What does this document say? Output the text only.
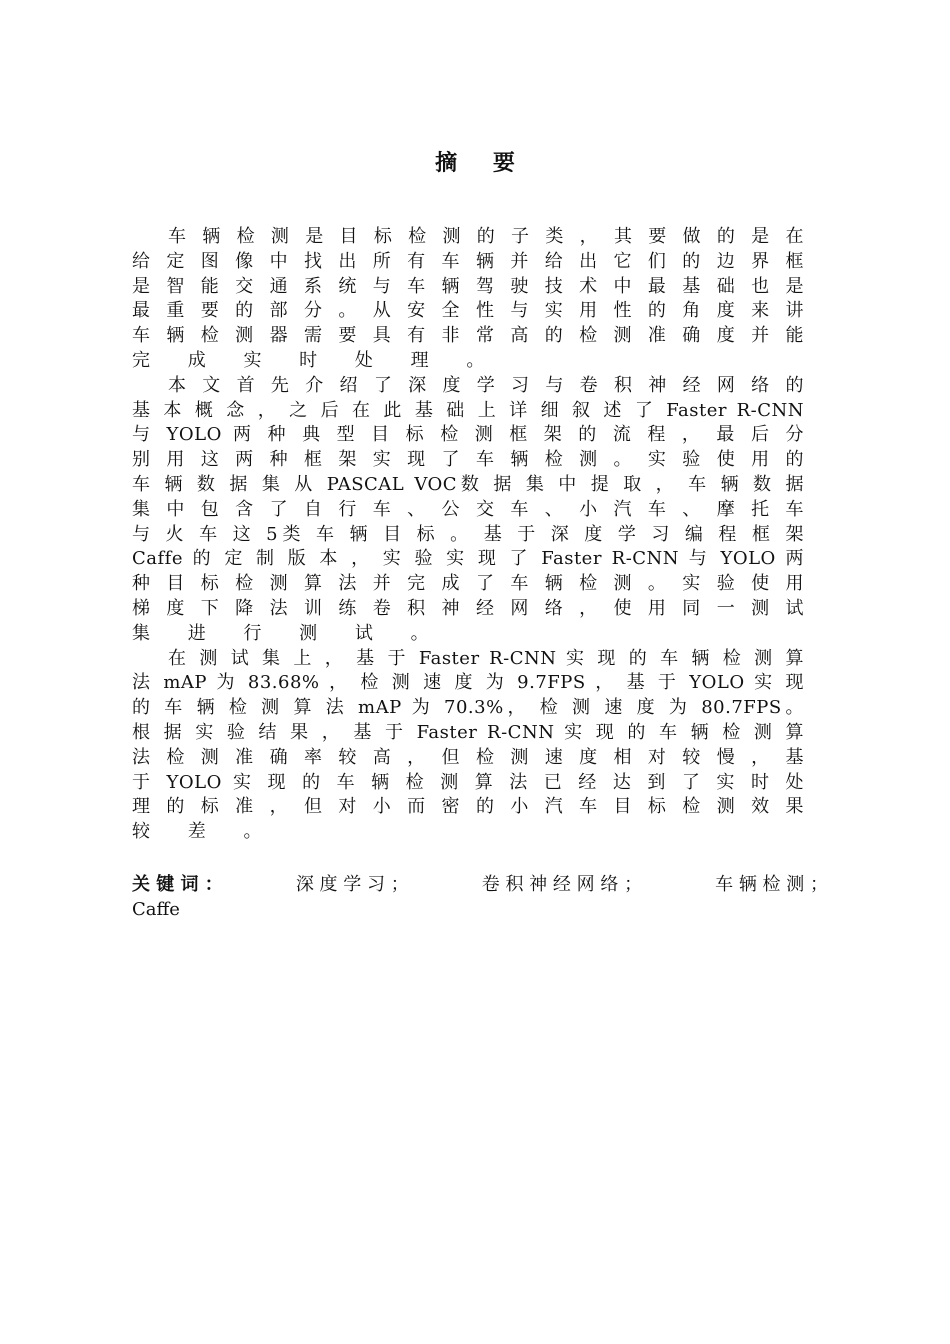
摘 要
车 辆 检 测 是 目 标 检 测 的 子 类 ， 其 要 做 的 是 在
给 定 图 像 中 找 出 所 有 车 辆 并 给 出 它 们 的 边 界 框
是 智 能 交 通 系 统 与 车 辆 驾 驶 技 术 中 最 基 础 也 是
最 重 要 的 部 分 。 从 安 全 性 与 实 用 性 的 角 度 来 讲
车 辆 检 测 器 需 要 具 有 非 常 高 的 检 测 准 确 度 并 能
完 成 实 时 处 理 。
本 文 首 先 介 绍 了 深 度 学 习 与 卷 积 神 经 网 络 的
基 本 概 念 ， 之 后 在 此 基 础 上 详 细 叙 述 了 Faster R-CNN
与 YOLO 两 种 典 型 目 标 检 测 框 架 的 流 程 ， 最 后 分
别 用 这 两 种 框 架 实 现 了 车 辆 检 测 。 实 验 使 用 的
车 辆 数 据 集 从 PASCAL VOC数 据 集 中 提 取 ， 车 辆 数 据
集 中 包 含 了 自 行 车 、 公 交 车 、 小 汽 车 、 摩 托 车
与 火 车 这 5类 车 辆 目 标 。 基 于 深 度 学 习 编 程 框 架
Caffe 的 定 制 版 本 ， 实 验 实 现 了 Faster R-CNN 与 YOLO 两
种 目 标 检 测 算 法 并 完 成 了 车 辆 检 测 。 实 验 使 用
梯 度 下 降 法 训 练 卷 积 神 经 网 络 ， 使 用 同 一 测 试
集 进 行 测 试 。
在 测 试 集 上 ， 基 于 Faster R-CNN 实 现 的 车 辆 检 测 算
法 mAP 为 83.68% ， 检 测 速 度 为 9.7FPS ， 基 于 YOLO 实 现
的 车 辆 检 测 算 法 mAP 为 70.3%， 检 测 速 度 为 80.7FPS。
根 据 实 验 结 果 ， 基 于 Faster R-CNN 实 现 的 车 辆 检 测 算
法 检 测 准 确 率 较 高 ， 但 检 测 速 度 相 对 较 慢 ， 基
于 YOLO 实 现 的 车 辆 检 测 算 法 已 经 达 到 了 实 时 处
理 的 标 准 ， 但 对 小 而 密 的 小 汽 车 目 标 检 测 效 果
较 差 。
关 键 词 ：	深 度 学 习 ；	卷 积 神 经 网 络 ；	车 辆 检 测 ；
Caffe
